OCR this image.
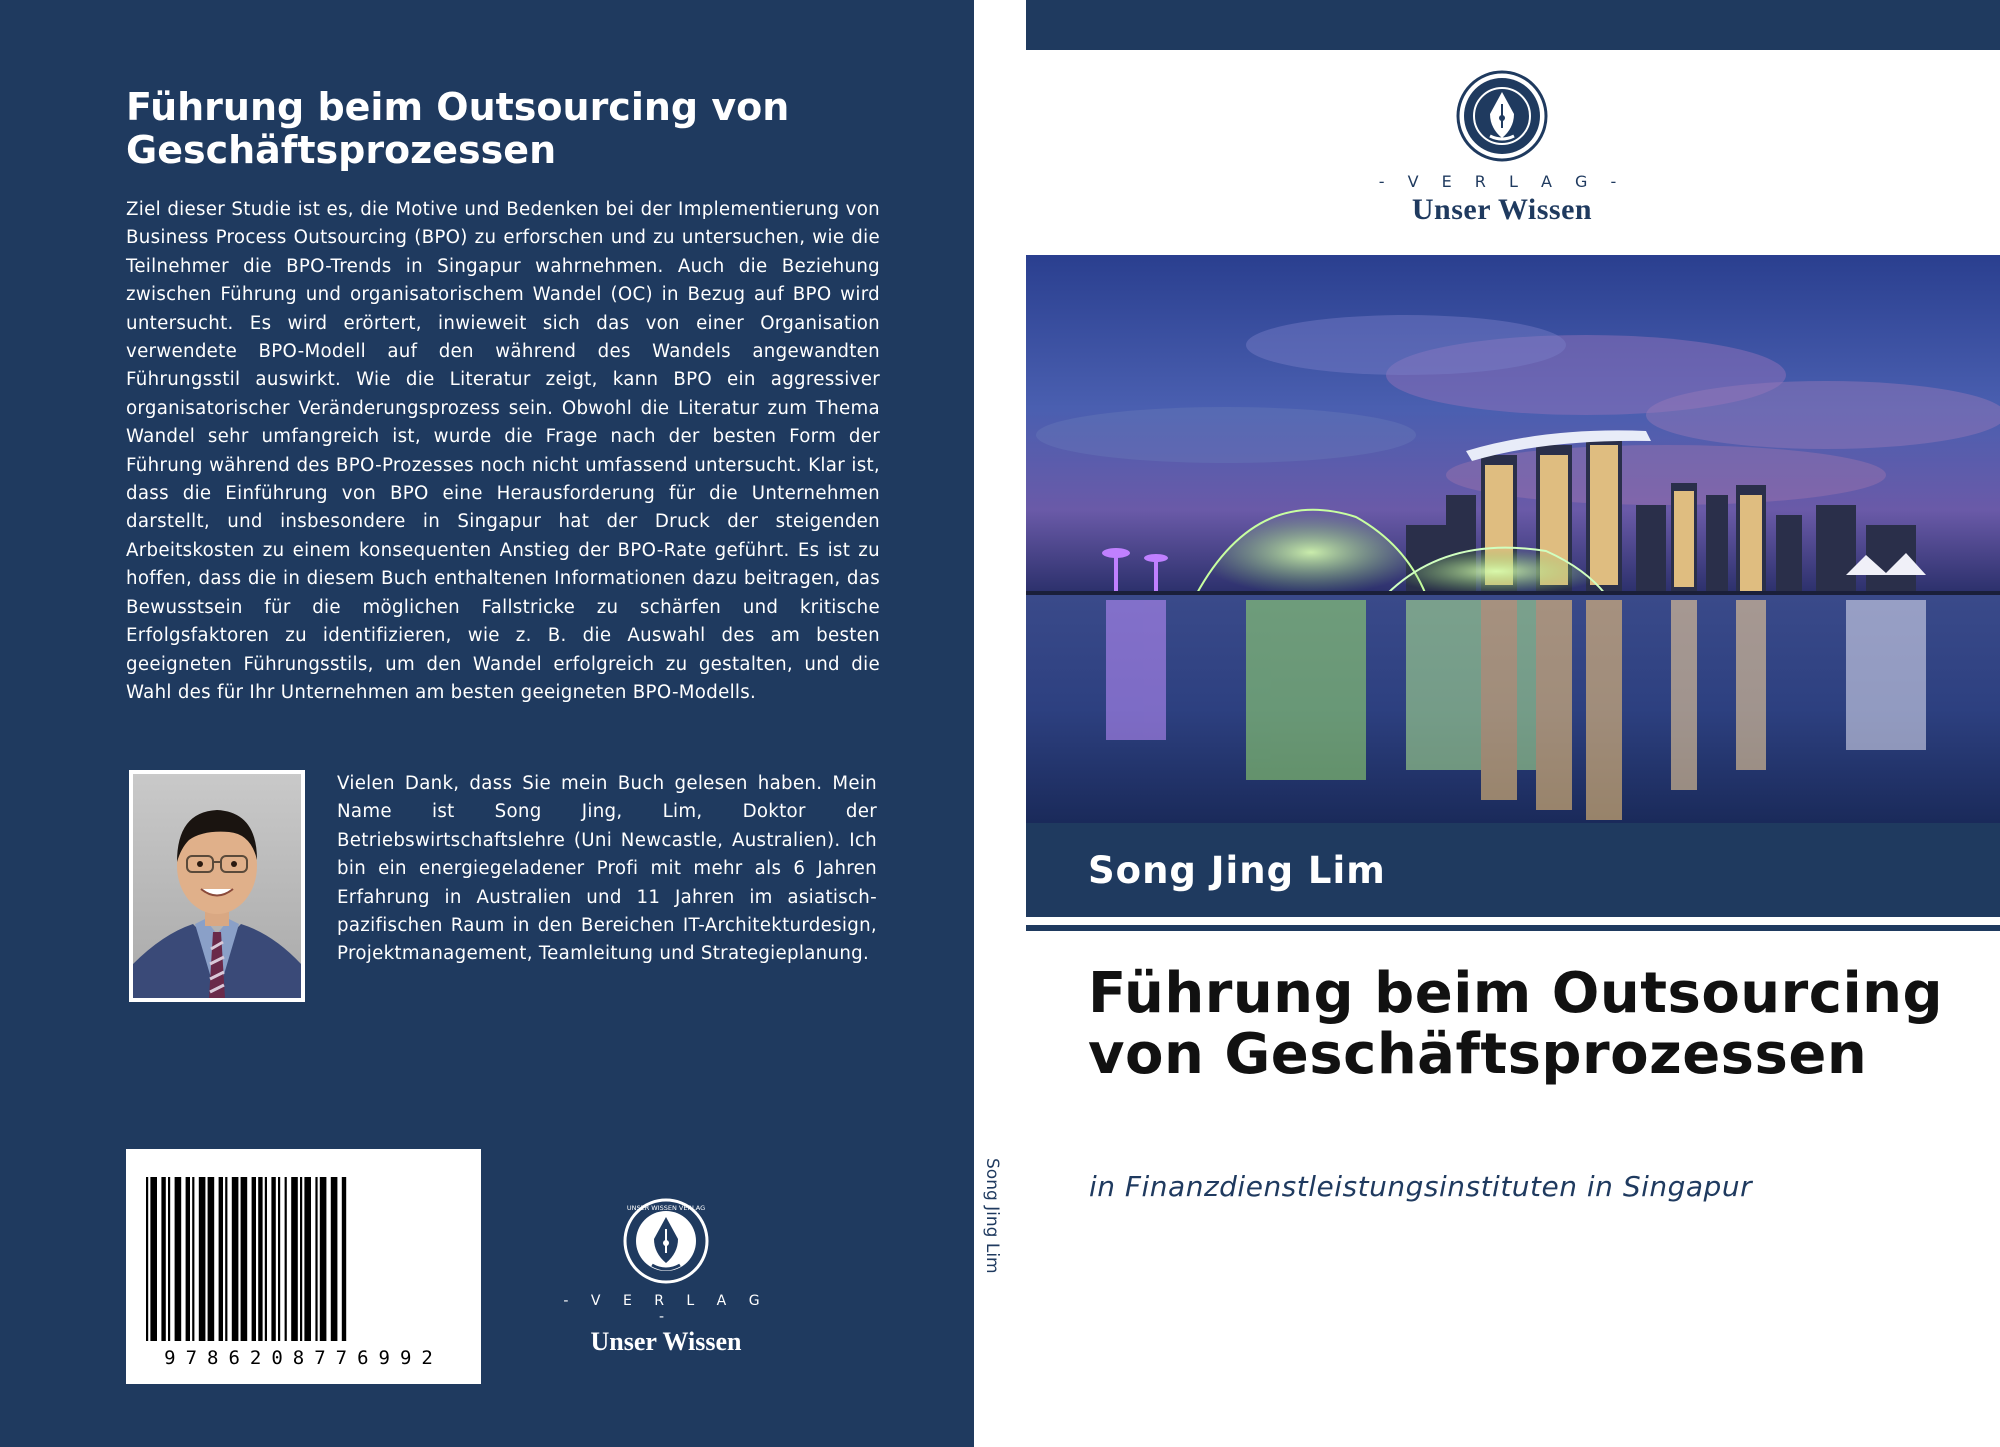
Führung beim Outsourcing von Geschäftsprozessen

Ziel dieser Studie ist es, die Motive und Bedenken bei der Implementierung von Business Process Outsourcing (BPO) zu erforschen und zu untersuchen, wie die Teilnehmer die BPO-Trends in Singapur wahrnehmen. Auch die Beziehung zwischen Führung und organisatorischem Wandel (OC) in Bezug auf BPO wird untersucht. Es wird erörtert, inwieweit sich das von einer Organisation verwendete BPO-Modell auf den während des Wandels angewandten Führungsstil auswirkt. Wie die Literatur zeigt, kann BPO ein aggressiver organisatorischer Veränderungsprozess sein. Obwohl die Literatur zum Thema Wandel sehr umfangreich ist, wurde die Frage nach der besten Form der Führung während des BPO-Prozesses noch nicht umfassend untersucht. Klar ist, dass die Einführung von BPO eine Herausforderung für die Unternehmen darstellt, und insbesondere in Singapur hat der Druck der steigenden Arbeitskosten zu einem konsequenten Anstieg der BPO-Rate geführt. Es ist zu hoffen, dass die in diesem Buch enthaltenen Informationen dazu beitragen, das Bewusstsein für die möglichen Fallstricke zu schärfen und kritische Erfolgsfaktoren zu identifizieren, wie z. B. die Auswahl des am besten geeigneten Führungsstils, um den Wandel erfolgreich zu gestalten, und die Wahl des für Ihr Unternehmen am besten geeigneten BPO-Modells.

Vielen Dank, dass Sie mein Buch gelesen haben. Mein Name ist Song Jing, Lim, Doktor der Betriebswirtschaftslehre (Uni Newcastle, Australien). Ich bin ein energiegeladener Profi mit mehr als 6 Jahren Erfahrung in Australien und 11 Jahren im asiatisch-pazifischen Raum in den Bereichen IT-Architekturdesign, Projektmanagement, Teamleitung und Strategieplanung.

9786208776992
UNSER WISSEN VERLAG
- V E R L A G -
Unser Wissen
Song Jing Lim
- V E R L A G -
Unser Wissen
Song Jing Lim
Führung beim Outsourcing von Geschäftsprozessen
in Finanzdienstleistungsinstituten in Singapur
